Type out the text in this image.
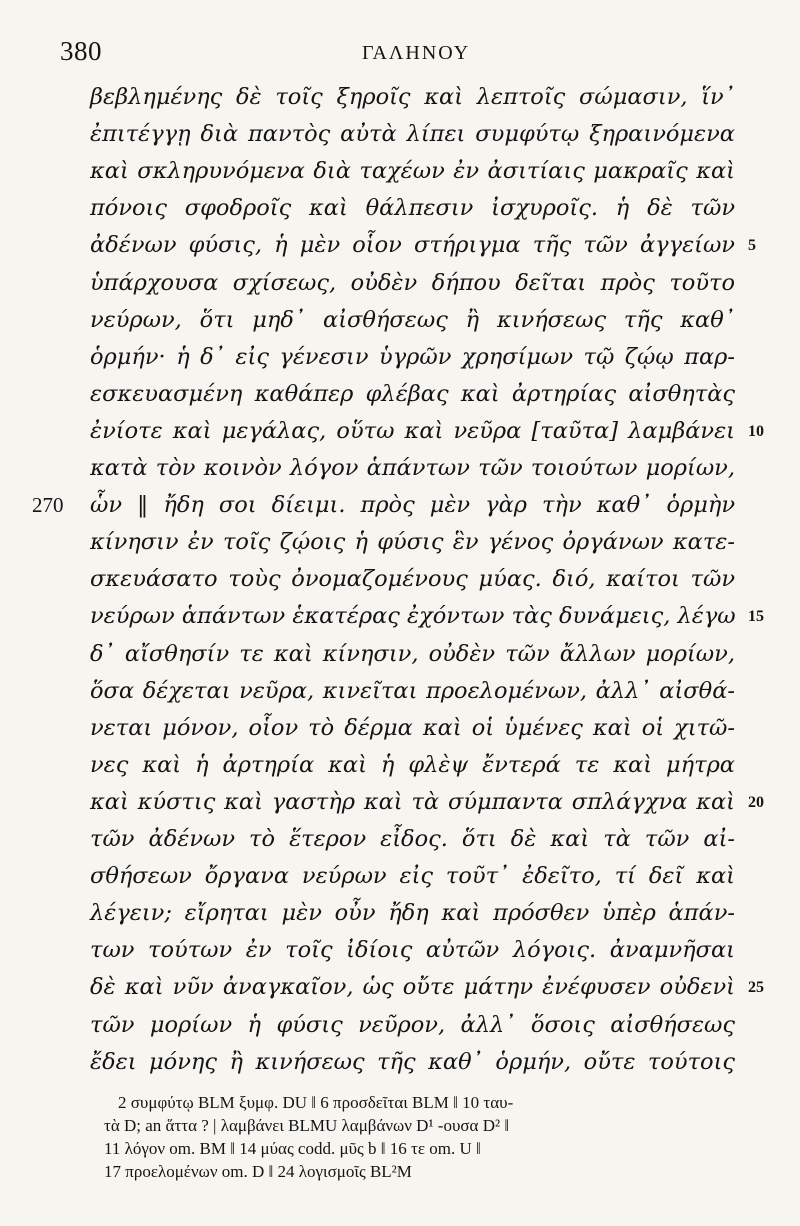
380	ΓΑΛΗΝΟΥ
βεβλημένης δὲ τοῖς ξηροῖς καὶ λεπτοῖς σώμασιν, ἵν᾿
ἐπιτέγγῃ διὰ παντὸς αὐτὰ λίπει συμφύτῳ ξηραινόμενα
καὶ σκληρυνόμενα διὰ ταχέων ἐν ἀσιτίαις μακραῖς καὶ
πόνοις σφοδροῖς καὶ θάλπεσιν ἰσχυροῖς. ἡ δὲ τῶν
ἀδένων φύσις, ἡ μὲν οἷον στήριγμα τῆς τῶν ἀγγείων 5
ὑπάρχουσα σχίσεως, οὐδὲν δήπου δεῖται πρὸς τοῦτο
νεύρων, ὅτι μηδ᾿ αἰσθήσεως ἢ κινήσεως τῆς καθ᾿
ὁρμήν· ἡ δ᾿ εἰς γένεσιν ὑγρῶν χρησίμων τῷ ζῴῳ παρ-
εσκευασμένη καθάπερ φλέβας καὶ ἀρτηρίας αἰσθητὰς
ἐνίοτε καὶ μεγάλας, οὕτω καὶ νεῦρα [ταῦτα] λαμβάνει 10
κατὰ τὸν κοινὸν λόγον ἁπάντων τῶν τοιούτων μορίων,
ὧν ‖ ἤδη σοι δίειμι. πρὸς μὲν γὰρ τὴν καθ᾿ ὁρμὴν
270
κίνησιν ἐν τοῖς ζῴοις ἡ φύσις ἓν γένος ὀργάνων κατε-
σκευάσατο τοὺς ὀνομαζομένους μύας. διό, καίτοι τῶν
νεύρων ἁπάντων ἑκατέρας ἐχόντων τὰς δυνάμεις, λέγω 15
δ᾿ αἴσθησίν τε καὶ κίνησιν, οὐδὲν τῶν ἄλλων μορίων,
ὅσα δέχεται νεῦρα, κινεῖται προελομένων, ἀλλ᾿ αἰσθά-
νεται μόνον, οἷον τὸ δέρμα καὶ οἱ ὑμένες καὶ οἱ χιτῶ-
νες καὶ ἡ ἀρτηρία καὶ ἡ φλὲψ ἔντερά τε καὶ μήτρα
καὶ κύστις καὶ γαστὴρ καὶ τὰ σύμπαντα σπλάγχνα καὶ 20
τῶν ἀδένων τὸ ἕτερον εἶδος. ὅτι δὲ καὶ τὰ τῶν αἰ-
σθήσεων ὄργανα νεύρων εἰς τοῦτ᾿ ἐδεῖτο, τί δεῖ καὶ
λέγειν; εἴρηται μὲν οὖν ἤδη καὶ πρόσθεν ὑπὲρ ἁπάν-
των τούτων ἐν τοῖς ἰδίοις αὐτῶν λόγοις. ἀναμνῆσαι
δὲ καὶ νῦν ἀναγκαῖον, ὡς οὔτε μάτην ἐνέφυσεν οὐδενὶ 25
τῶν μορίων ἡ φύσις νεῦρον, ἀλλ᾿ ὅσοις αἰσθήσεως
ἔδει μόνης ἢ κινήσεως τῆς καθ᾿ ὁρμήν, οὔτε τούτοις
2 συμφύτῳ BLM ξυμφ. DU ‖ 6 προσδεῖται BLM ‖ 10 ταυ-
τὰ D; an ἅττα ? | λαμβάνει BLMU λαμβάνων D¹ -ουσα D² ‖
11 λόγον om. BM ‖ 14 μύας codd. μῦς b ‖ 16 τε om. U ‖
17 προελομένων om. D ‖ 24 λογισμοῖς BL²M
